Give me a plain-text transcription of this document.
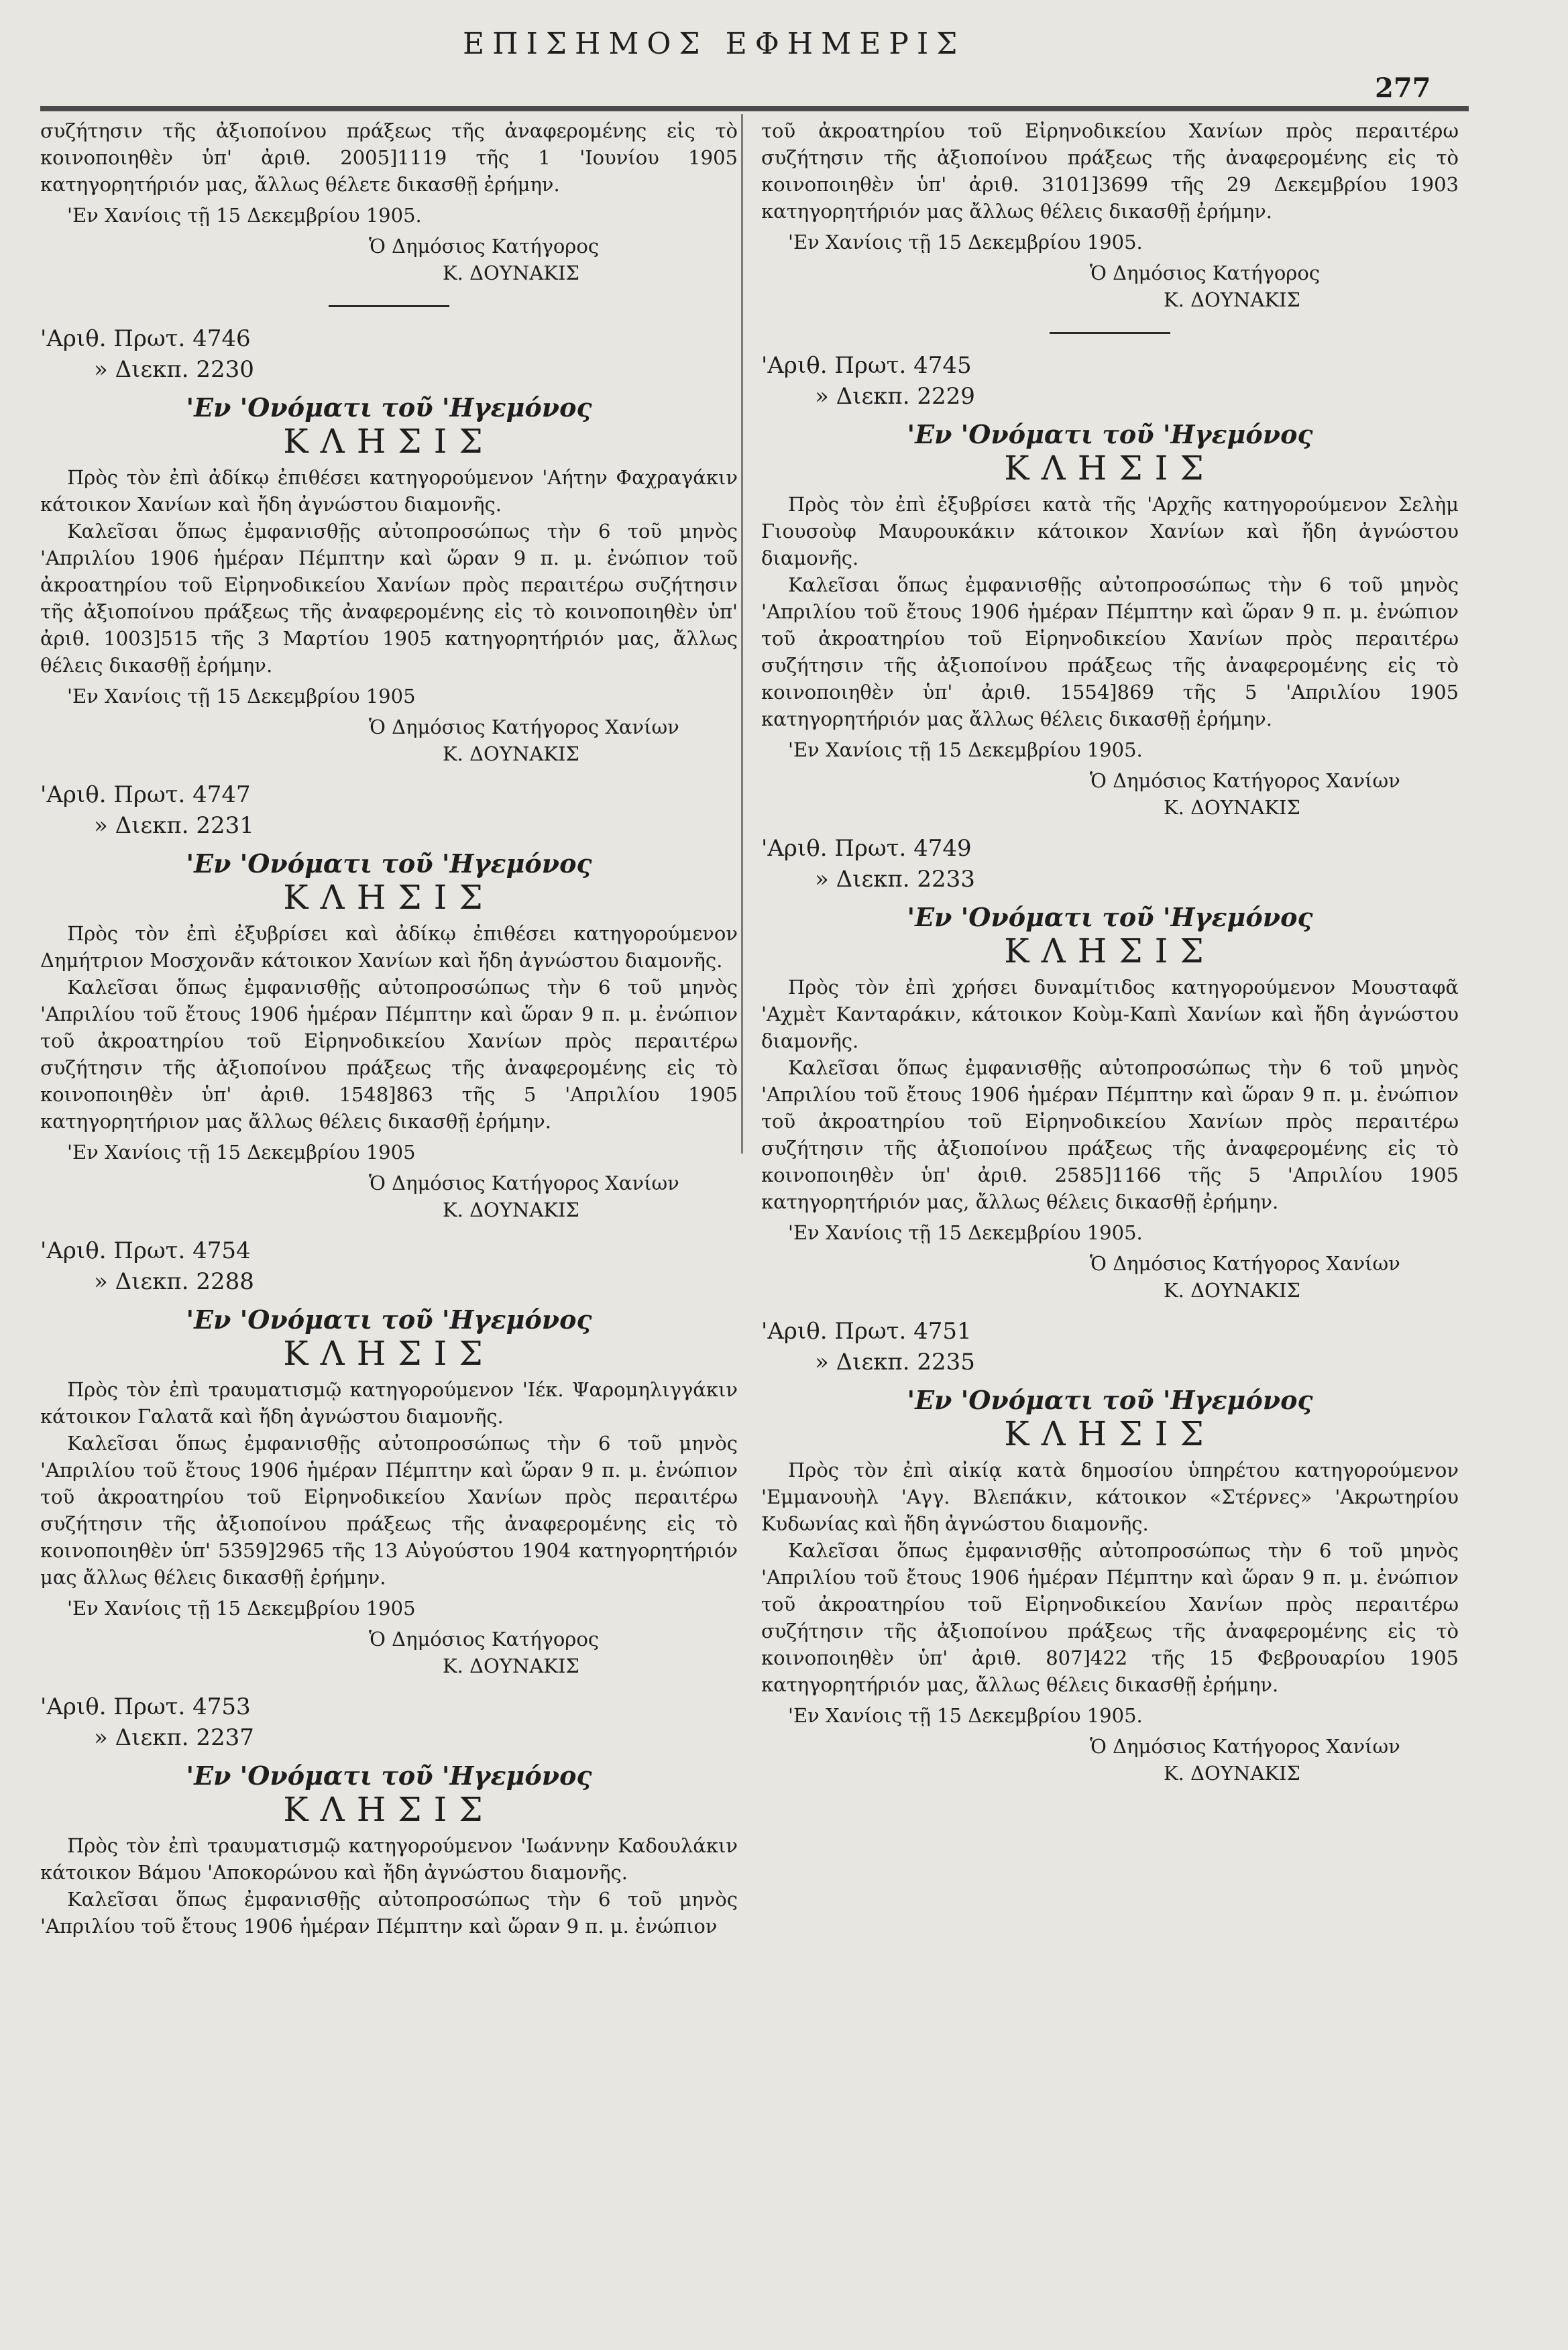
ΕΠΙΣΗΜΟΣ ΕΦΗΜΕΡΙΣ
277

συζήτησιν τῆς ἀξιοποίνου πράξεως τῆς ἀναφερομένης εἰς τὸ κοινοποιηθὲν ὑπ' ἀριθ. 2005]1119 τῆς 1 'Ιουνίου 1905 κατηγορητήριόν μας, ἄλλως θέλετε δικασθῇ ἐρήμην.

'Εν Χανίοις τῇ 15 Δεκεμβρίου 1905.

Ὁ Δημόσιος Κατήγορος

Κ. ΔΟΥΝΑΚΙΣ

'Αριθ. Πρωτ. 4746
» Διεκπ. 2230
'Εν 'Ονόματι τοῦ 'Ηγεμόνος
ΚΛΗΣΙΣ

Πρὸς τὸν ἐπὶ ἀδίκῳ ἐπιθέσει κατηγορούμενον 'Αήτην Φαχραγάκιν κάτοικον Χανίων καὶ ἤδη ἀγνώστου διαμονῆς.

Καλεῖσαι ὅπως ἐμφανισθῇς αὐτοπροσώπως τὴν 6 τοῦ μηνὸς 'Απριλίου 1906 ἡμέραν Πέμπτην καὶ ὥραν 9 π. μ. ἐνώπιον τοῦ ἀκροατηρίου τοῦ Εἰρηνοδικείου Χανίων πρὸς περαιτέρω συζήτησιν τῆς ἀξιοποίνου πράξεως τῆς ἀναφερομένης εἰς τὸ κοινοποιηθὲν ὑπ' ἀριθ. 1003]515 τῆς 3 Μαρτίου 1905 κατηγορητήριόν μας, ἄλλως θέλεις δικασθῇ ἐρήμην.

'Εν Χανίοις τῇ 15 Δεκεμβρίου 1905

Ὁ Δημόσιος Κατήγορος Χανίων

Κ. ΔΟΥΝΑΚΙΣ

'Αριθ. Πρωτ. 4747
» Διεκπ. 2231
'Εν 'Ονόματι τοῦ 'Ηγεμόνος
ΚΛΗΣΙΣ

Πρὸς τὸν ἐπὶ ἐξυβρίσει καὶ ἀδίκῳ ἐπιθέσει κατηγορούμενον Δημήτριον Μοσχονᾶν κάτοικον Χανίων καὶ ἤδη ἀγνώστου διαμονῆς.

Καλεῖσαι ὅπως ἐμφανισθῇς αὐτοπροσώπως τὴν 6 τοῦ μηνὸς 'Απριλίου τοῦ ἔτους 1906 ἡμέραν Πέμπτην καὶ ὥραν 9 π. μ. ἐνώπιον τοῦ ἀκροατηρίου τοῦ Εἰρηνοδικείου Χανίων πρὸς περαιτέρω συζήτησιν τῆς ἀξιοποίνου πράξεως τῆς ἀναφερομένης εἰς τὸ κοινοποιηθὲν ὑπ' ἀριθ. 1548]863 τῆς 5 'Απριλίου 1905 κατηγορητήριον μας ἄλλως θέλεις δικασθῇ ἐρήμην.

'Εν Χανίοις τῇ 15 Δεκεμβρίου 1905

Ὁ Δημόσιος Κατήγορος Χανίων

Κ. ΔΟΥΝΑΚΙΣ

'Αριθ. Πρωτ. 4754
» Διεκπ. 2288
'Εν 'Ονόματι τοῦ 'Ηγεμόνος
ΚΛΗΣΙΣ

Πρὸς τὸν ἐπὶ τραυματισμῷ κατηγορούμενον 'Ιέκ. Ψαρομηλιγγάκιν κάτοικον Γαλατᾶ καὶ ἤδη ἀγνώστου διαμονῆς.

Καλεῖσαι ὅπως ἐμφανισθῇς αὐτοπροσώπως τὴν 6 τοῦ μηνὸς 'Απριλίου τοῦ ἔτους 1906 ἡμέραν Πέμπτην καὶ ὥραν 9 π. μ. ἐνώπιον τοῦ ἀκροατηρίου τοῦ Εἰρηνοδικείου Χανίων πρὸς περαιτέρω συζήτησιν τῆς ἀξιοποίνου πράξεως τῆς ἀναφερομένης εἰς τὸ κοινοποιηθὲν ὑπ' 5359]2965 τῆς 13 Αὐγούστου 1904 κατηγορητήριόν μας ἄλλως θέλεις δικασθῇ ἐρήμην.

'Εν Χανίοις τῇ 15 Δεκεμβρίου 1905

Ὁ Δημόσιος Κατήγορος

Κ. ΔΟΥΝΑΚΙΣ

'Αριθ. Πρωτ. 4753
» Διεκπ. 2237
'Εν 'Ονόματι τοῦ 'Ηγεμόνος
ΚΛΗΣΙΣ

Πρὸς τὸν ἐπὶ τραυματισμῷ κατηγορούμενον 'Ιωάννην Καδουλάκιν κάτοικον Βάμου 'Αποκορώνου καὶ ἤδη ἀγνώστου διαμονῆς.

Καλεῖσαι ὅπως ἐμφανισθῇς αὐτοπροσώπως τὴν 6 τοῦ μηνὸς 'Απριλίου τοῦ ἔτους 1906 ἡμέραν Πέμπτην καὶ ὥραν 9 π. μ. ἐνώπιον

τοῦ ἀκροατηρίου τοῦ Εἰρηνοδικείου Χανίων πρὸς περαιτέρω συζήτησιν τῆς ἀξιοποίνου πράξεως τῆς ἀναφερομένης εἰς τὸ κοινοποιηθὲν ὑπ' ἀριθ. 3101]3699 τῆς 29 Δεκεμβρίου 1903 κατηγορητήριόν μας ἄλλως θέλεις δικασθῇ ἐρήμην.

'Εν Χανίοις τῇ 15 Δεκεμβρίου 1905.

Ὁ Δημόσιος Κατήγορος

Κ. ΔΟΥΝΑΚΙΣ

'Αριθ. Πρωτ. 4745
» Διεκπ. 2229
'Εν 'Ονόματι τοῦ 'Ηγεμόνος
ΚΛΗΣΙΣ

Πρὸς τὸν ἐπὶ ἐξυβρίσει κατὰ τῆς 'Αρχῆς κατηγορούμενον Σελὴμ Γιουσοὺφ Μαυρουκάκιν κάτοικον Χανίων καὶ ἤδη ἀγνώστου διαμονῆς.

Καλεῖσαι ὅπως ἐμφανισθῇς αὐτοπροσώπως τὴν 6 τοῦ μηνὸς 'Απριλίου τοῦ ἔτους 1906 ἡμέραν Πέμπτην καὶ ὥραν 9 π. μ. ἐνώπιον τοῦ ἀκροατηρίου τοῦ Εἰρηνοδικείου Χανίων πρὸς περαιτέρω συζήτησιν τῆς ἀξιοποίνου πράξεως τῆς ἀναφερομένης εἰς τὸ κοινοποιηθὲν ὑπ' ἀριθ. 1554]869 τῆς 5 'Απριλίου 1905 κατηγορητήριόν μας ἄλλως θέλεις δικασθῇ ἐρήμην.

'Εν Χανίοις τῇ 15 Δεκεμβρίου 1905.

Ὁ Δημόσιος Κατήγορος Χανίων

Κ. ΔΟΥΝΑΚΙΣ

'Αριθ. Πρωτ. 4749
» Διεκπ. 2233
'Εν 'Ονόματι τοῦ 'Ηγεμόνος
ΚΛΗΣΙΣ

Πρὸς τὸν ἐπὶ χρήσει δυναμίτιδος κατηγορούμενον Μουσταφᾶ 'Αχμὲτ Κανταράκιν, κάτοικον Κοὺμ-Καπὶ Χανίων καὶ ἤδη ἀγνώστου διαμονῆς.

Καλεῖσαι ὅπως ἐμφανισθῇς αὐτοπροσώπως τὴν 6 τοῦ μηνὸς 'Απριλίου τοῦ ἔτους 1906 ἡμέραν Πέμπτην καὶ ὥραν 9 π. μ. ἐνώπιον τοῦ ἀκροατηρίου τοῦ Εἰρηνοδικείου Χανίων πρὸς περαιτέρω συζήτησιν τῆς ἀξιοποίνου πράξεως τῆς ἀναφερομένης εἰς τὸ κοινοποιηθὲν ὑπ' ἀριθ. 2585]1166 τῆς 5 'Απριλίου 1905 κατηγορητήριόν μας, ἄλλως θέλεις δικασθῇ ἐρήμην.

'Εν Χανίοις τῇ 15 Δεκεμβρίου 1905.

Ὁ Δημόσιος Κατήγορος Χανίων

Κ. ΔΟΥΝΑΚΙΣ

'Αριθ. Πρωτ. 4751
» Διεκπ. 2235
'Εν 'Ονόματι τοῦ 'Ηγεμόνος
ΚΛΗΣΙΣ

Πρὸς τὸν ἐπὶ αἰκίᾳ κατὰ δημοσίου ὑπηρέτου κατηγορούμενον 'Εμμανουὴλ 'Αγγ. Βλεπάκιν, κάτοικον «Στέρνες» 'Ακρωτηρίου Κυδωνίας καὶ ἤδη ἀγνώστου διαμονῆς.

Καλεῖσαι ὅπως ἐμφανισθῇς αὐτοπροσώπως τὴν 6 τοῦ μηνὸς 'Απριλίου τοῦ ἔτους 1906 ἡμέραν Πέμπτην καὶ ὥραν 9 π. μ. ἐνώπιον τοῦ ἀκροατηρίου τοῦ Εἰρηνοδικείου Χανίων πρὸς περαιτέρω συζήτησιν τῆς ἀξιοποίνου πράξεως τῆς ἀναφερομένης εἰς τὸ κοινοποιηθὲν ὑπ' ἀριθ. 807]422 τῆς 15 Φεβρουαρίου 1905 κατηγορητήριόν μας, ἄλλως θέλεις δικασθῇ ἐρήμην.

'Εν Χανίοις τῇ 15 Δεκεμβρίου 1905.

Ὁ Δημόσιος Κατήγορος Χανίων

Κ. ΔΟΥΝΑΚΙΣ
